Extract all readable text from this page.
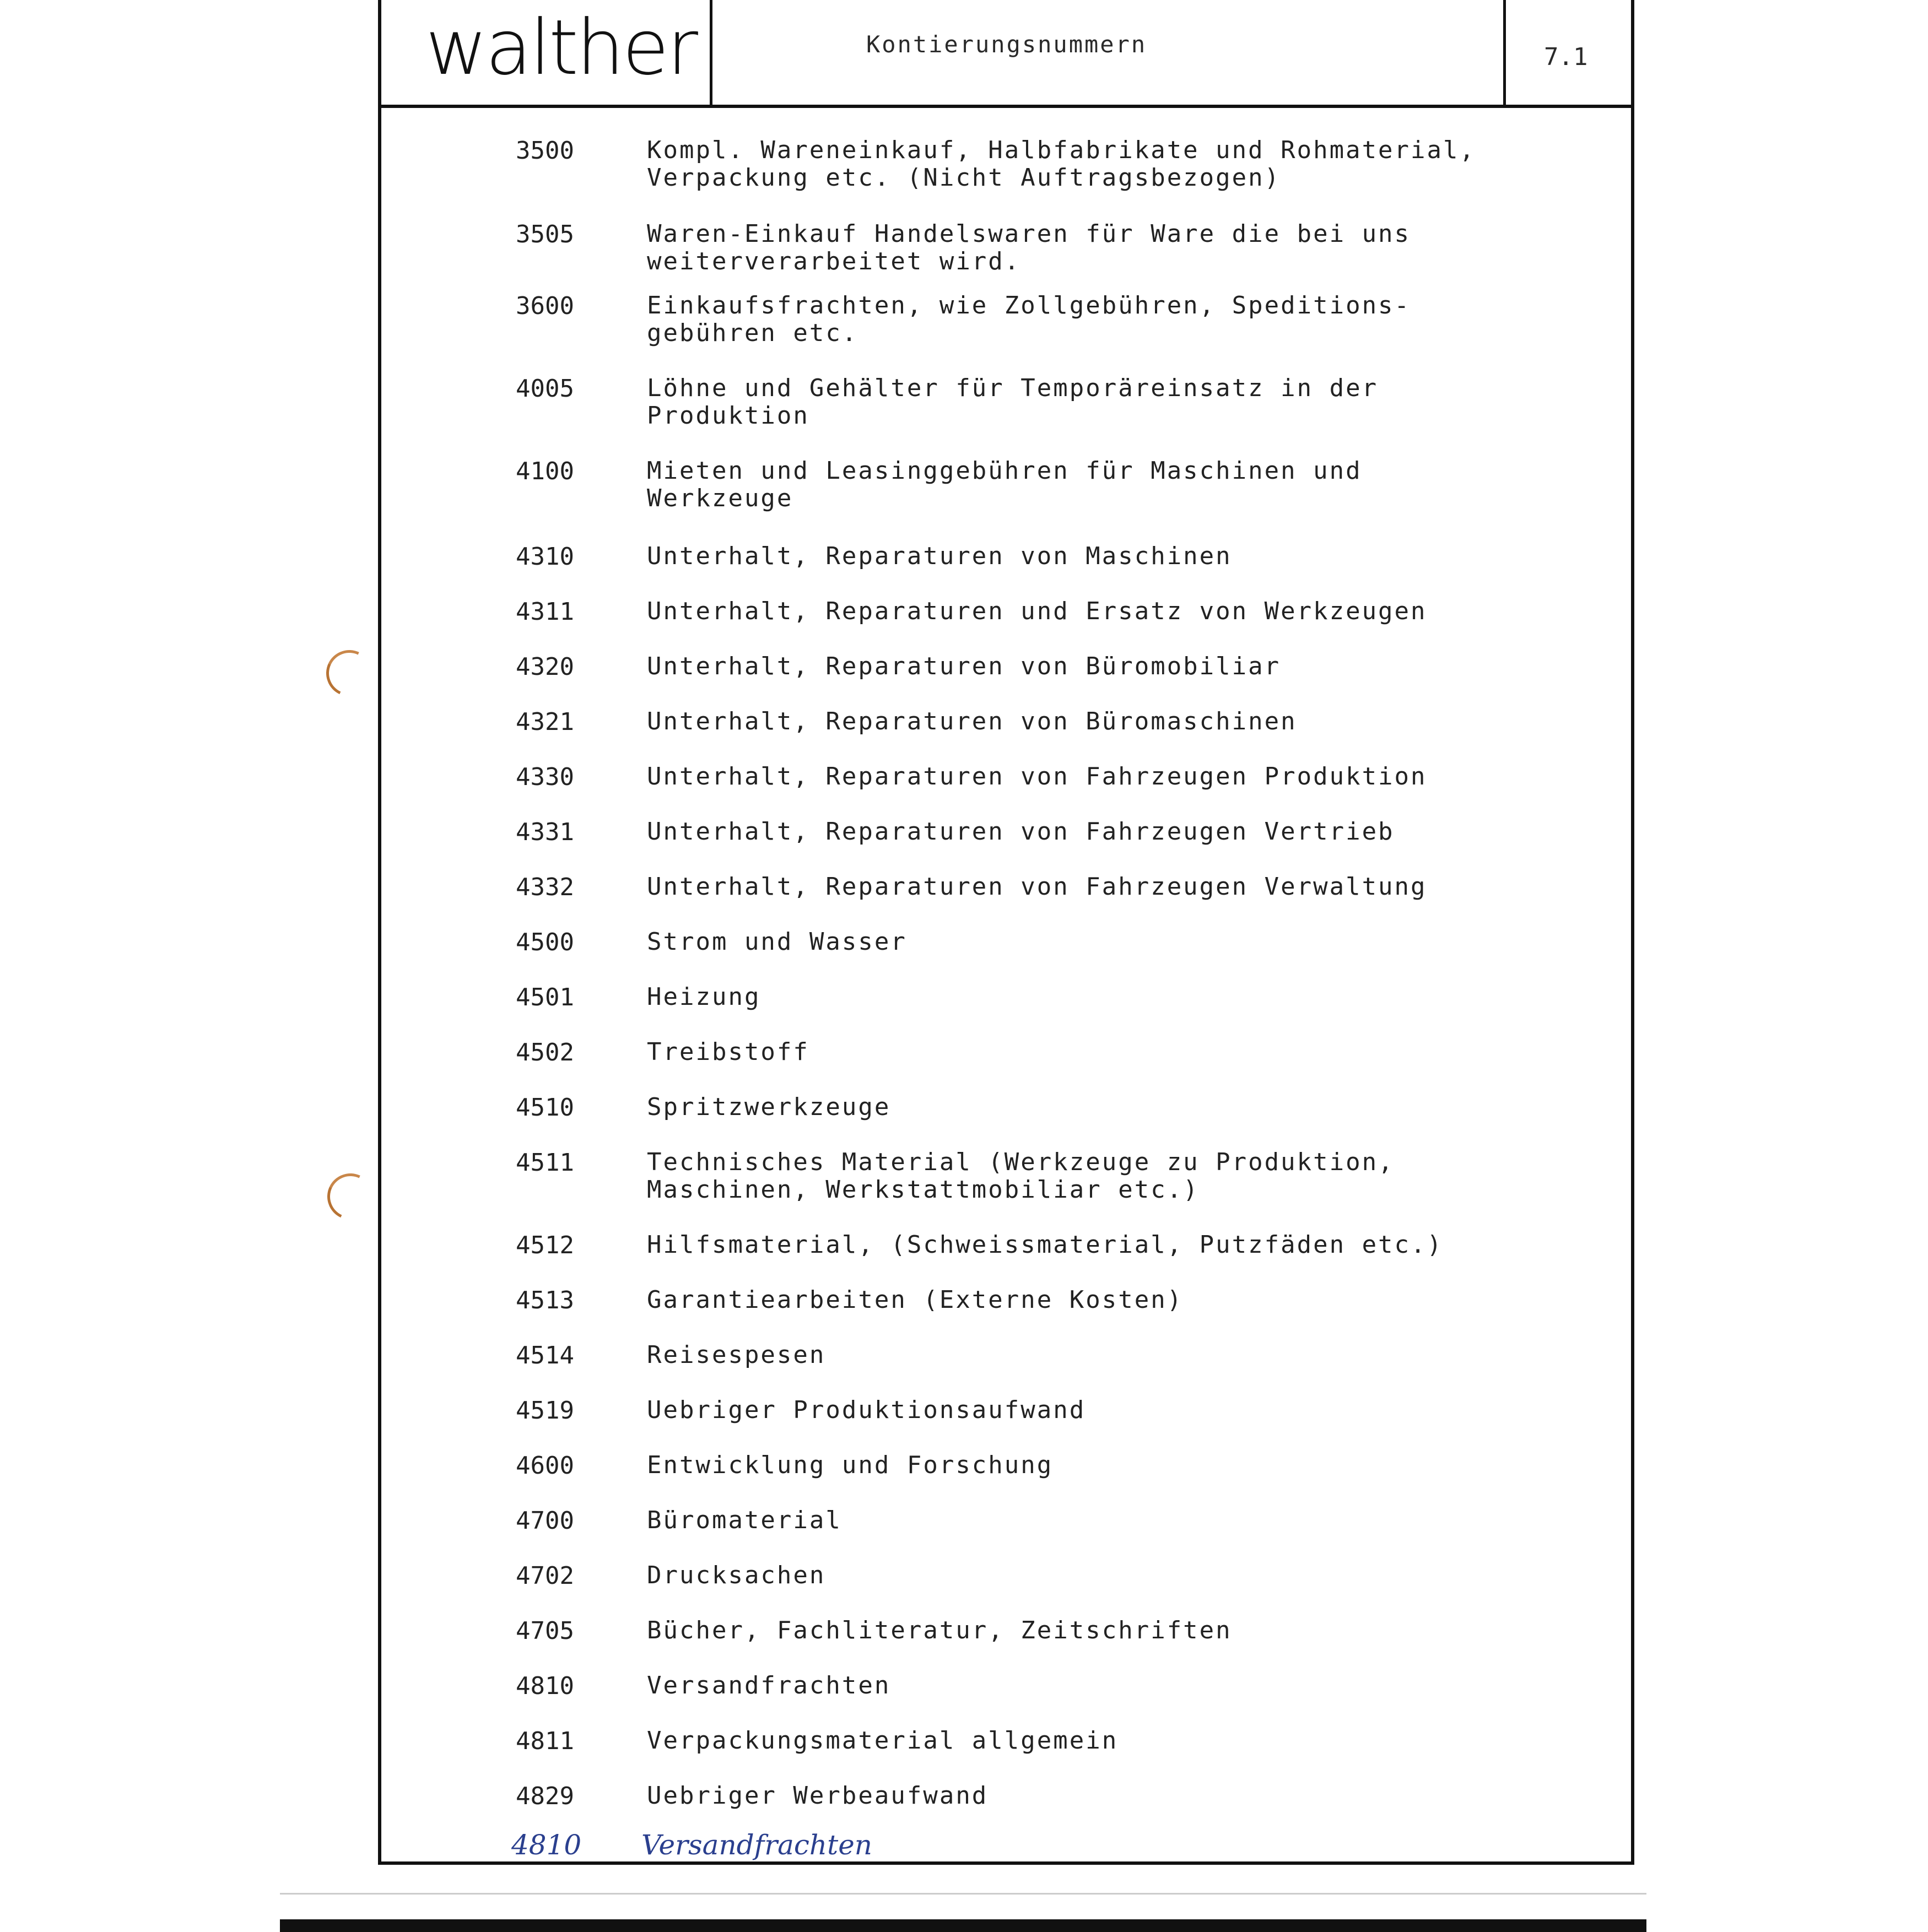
walther	Kontierungsnummern	7.1
3500	Kompl. Wareneinkauf, Halbfabrikate und Rohmaterial,
Verpackung etc. (Nicht Auftragsbezogen)
3505	Waren-Einkauf Handelswaren für Ware die bei uns
weiterverarbeitet wird.
3600	Einkaufsfrachten, wie Zollgebühren, Speditions-
gebühren etc.
4005	Löhne und Gehälter für Temporäreinsatz in der
Produktion
4100	Mieten und Leasinggebühren für Maschinen und
Werkzeuge
4310	Unterhalt, Reparaturen von Maschinen
4311	Unterhalt, Reparaturen und Ersatz von Werkzeugen
4320	Unterhalt, Reparaturen von Büromobiliar
4321	Unterhalt, Reparaturen von Büromaschinen
4330	Unterhalt, Reparaturen von Fahrzeugen Produktion
4331	Unterhalt, Reparaturen von Fahrzeugen Vertrieb
4332	Unterhalt, Reparaturen von Fahrzeugen Verwaltung
4500	Strom und Wasser
4501	Heizung
4502	Treibstoff
4510	Spritzwerkzeuge
4511	Technisches Material (Werkzeuge zu Produktion,
Maschinen, Werkstattmobiliar etc.)
4512	Hilfsmaterial, (Schweissmaterial, Putzfäden etc.)
4513	Garantiearbeiten (Externe Kosten)
4514	Reisespesen
4519	Uebriger Produktionsaufwand
4600	Entwicklung und Forschung
4700	Büromaterial
4702	Drucksachen
4705	Bücher, Fachliteratur, Zeitschriften
4810	Versandfrachten
4811	Verpackungsmaterial allgemein
4829	Uebriger Werbeaufwand
4810 Versandfrachten
